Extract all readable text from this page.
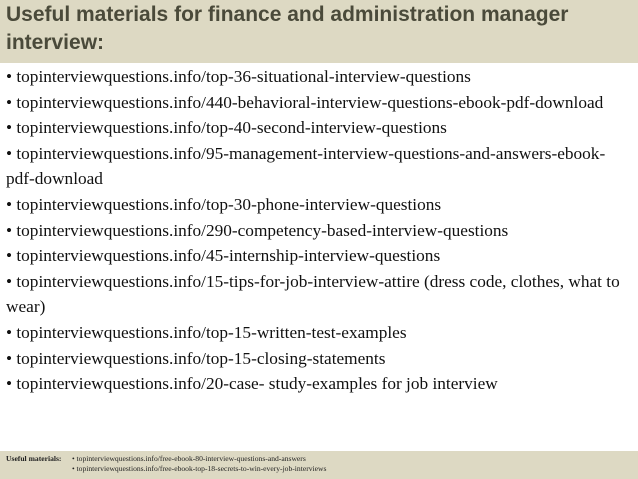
Useful materials for finance and administration manager interview:
• topinterviewquestions.info/top-36-situational-interview-questions
• topinterviewquestions.info/440-behavioral-interview-questions-ebook-pdf-download
• topinterviewquestions.info/top-40-second-interview-questions
• topinterviewquestions.info/95-management-interview-questions-and-answers-ebook-pdf-download
• topinterviewquestions.info/top-30-phone-interview-questions
• topinterviewquestions.info/290-competency-based-interview-questions
• topinterviewquestions.info/45-internship-interview-questions
• topinterviewquestions.info/15-tips-for-job-interview-attire (dress code, clothes, what to wear)
• topinterviewquestions.info/top-15-written-test-examples
• topinterviewquestions.info/top-15-closing-statements
• topinterviewquestions.info/20-case- study-examples for job interview
Useful materials: • topinterviewquestions.info/free-ebook-80-interview-questions-and-answers
• topinterviewquestions.info/free-ebook-top-18-secrets-to-win-every-job-interviews
